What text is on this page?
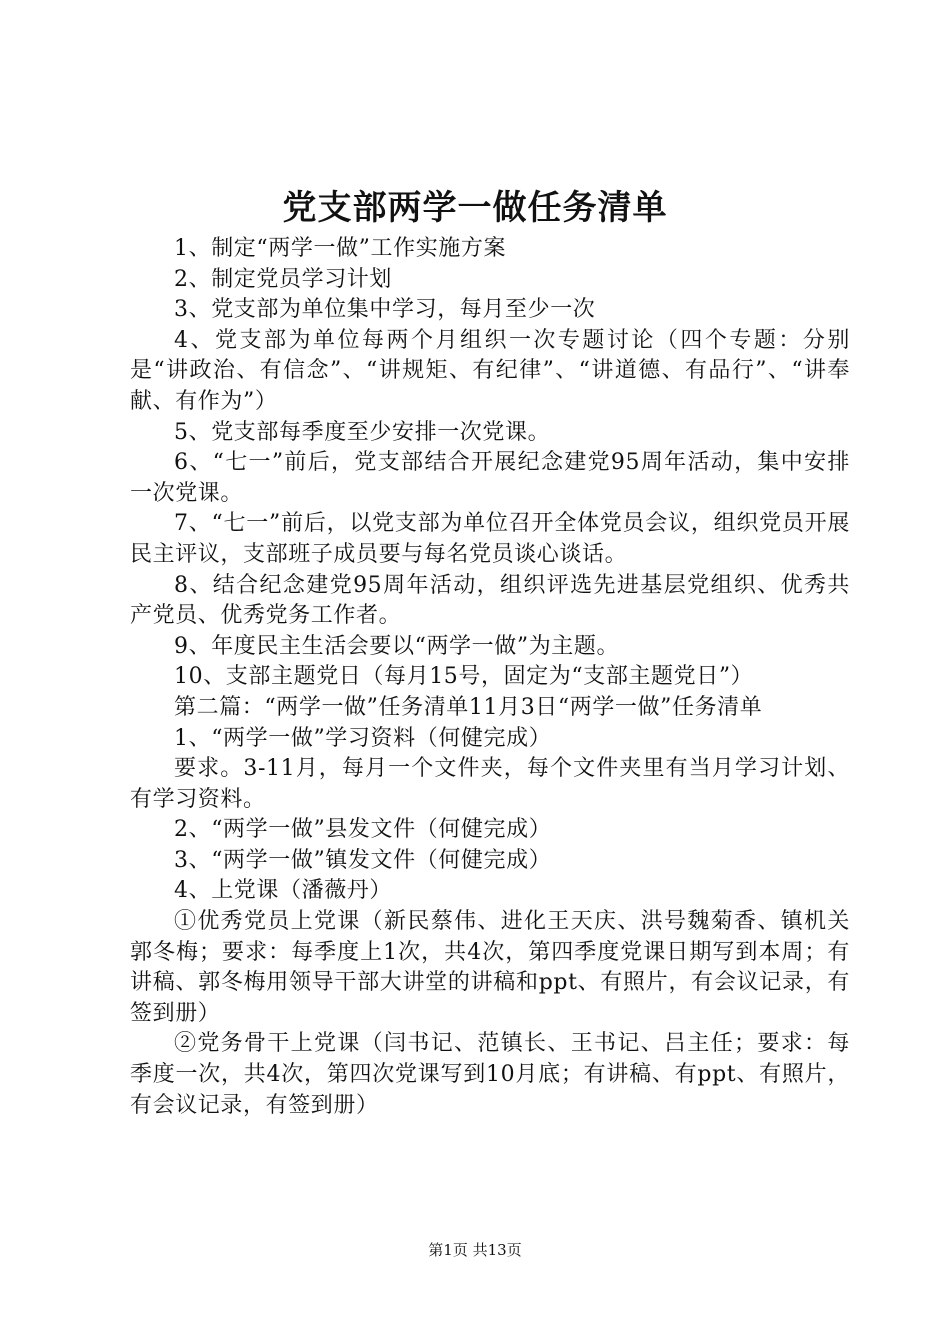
党支部两学一做任务清单

1、制定“两学一做”工作实施方案

2、制定党员学习计划

3、党支部为单位集中学习，每月至少一次

4、党支部为单位每两个月组织一次专题讨论（四个专题：分别是“讲政治、有信念”、“讲规矩、有纪律”、“讲道德、有品行”、“讲奉献、有作为”）

5、党支部每季度至少安排一次党课。

6、“七一”前后，党支部结合开展纪念建党95周年活动，集中安排一次党课。

7、“七一”前后，以党支部为单位召开全体党员会议，组织党员开展民主评议，支部班子成员要与每名党员谈心谈话。

8、结合纪念建党95周年活动，组织评选先进基层党组织、优秀共产党员、优秀党务工作者。

9、年度民主生活会要以“两学一做”为主题。

10、支部主题党日（每月15号，固定为“支部主题党日”）

第二篇：“两学一做”任务清单11月3日“两学一做”任务清单

1、“两学一做”学习资料（何健完成）

要求。3-11月，每月一个文件夹，每个文件夹里有当月学习计划、有学习资料。

2、“两学一做”县发文件（何健完成）

3、“两学一做”镇发文件（何健完成）

4、上党课（潘薇丹）

①优秀党员上党课（新民蔡伟、进化王天庆、洪号魏菊香、镇机关郭冬梅；要求：每季度上1次，共4次，第四季度党课日期写到本周；有讲稿、郭冬梅用领导干部大讲堂的讲稿和ppt、有照片，有会议记录，有签到册）

②党务骨干上党课（闫书记、范镇长、王书记、吕主任；要求：每季度一次，共4次，第四次党课写到10月底；有讲稿、有ppt、有照片，有会议记录，有签到册）

第1页 共13页
